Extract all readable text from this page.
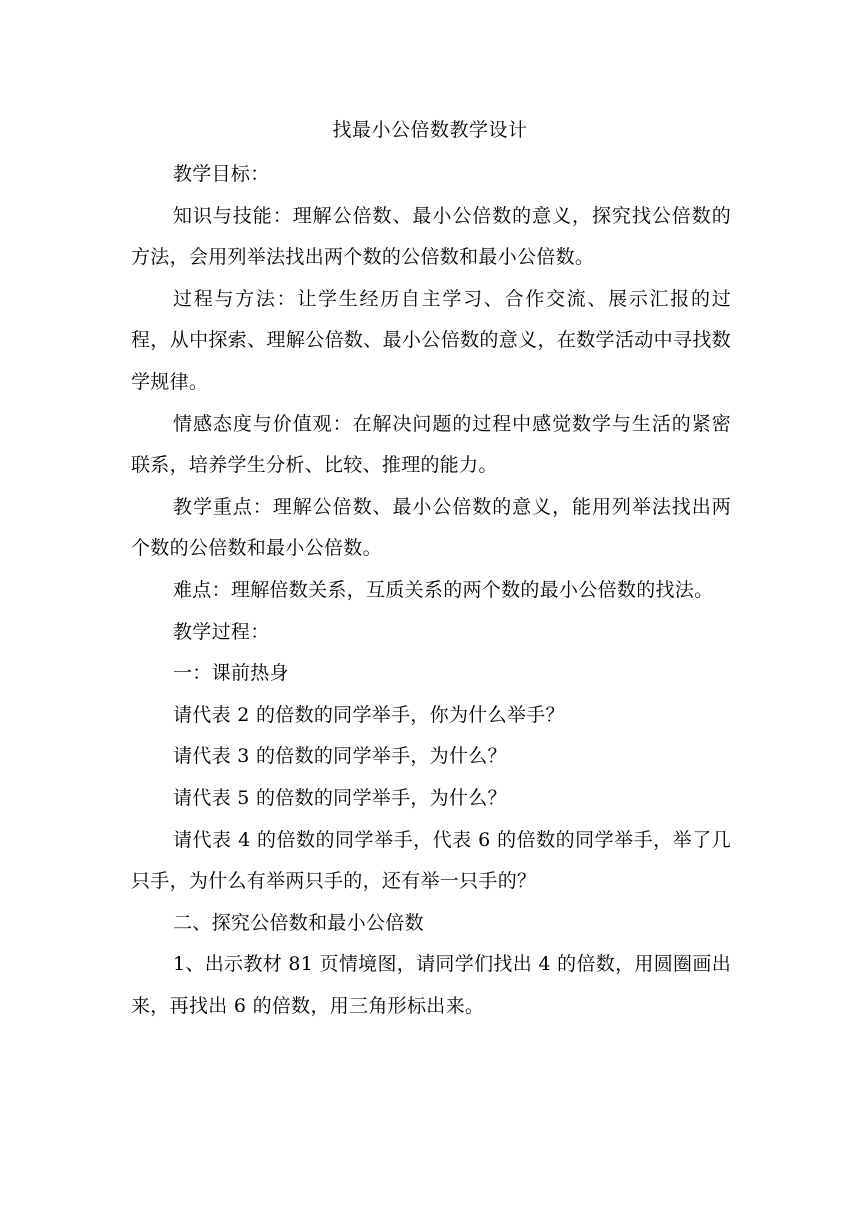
找最小公倍数教学设计

教学目标：

知识与技能：理解公倍数、最小公倍数的意义，探究找公倍数的方法，会用列举法找出两个数的公倍数和最小公倍数。

过程与方法：让学生经历自主学习、合作交流、展示汇报的过程，从中探索、理解公倍数、最小公倍数的意义，在数学活动中寻找数学规律。

情感态度与价值观：在解决问题的过程中感觉数学与生活的紧密联系，培养学生分析、比较、推理的能力。

教学重点：理解公倍数、最小公倍数的意义，能用列举法找出两个数的公倍数和最小公倍数。

难点：理解倍数关系，互质关系的两个数的最小公倍数的找法。

教学过程：

一：课前热身

请代表 2 的倍数的同学举手，你为什么举手？

请代表 3 的倍数的同学举手，为什么？

请代表 5 的倍数的同学举手，为什么？

请代表 4 的倍数的同学举手，代表 6 的倍数的同学举手，举了几只手，为什么有举两只手的，还有举一只手的？

二、探究公倍数和最小公倍数

1、出示教材 81 页情境图，请同学们找出 4 的倍数，用圆圈画出来，再找出 6 的倍数，用三角形标出来。
